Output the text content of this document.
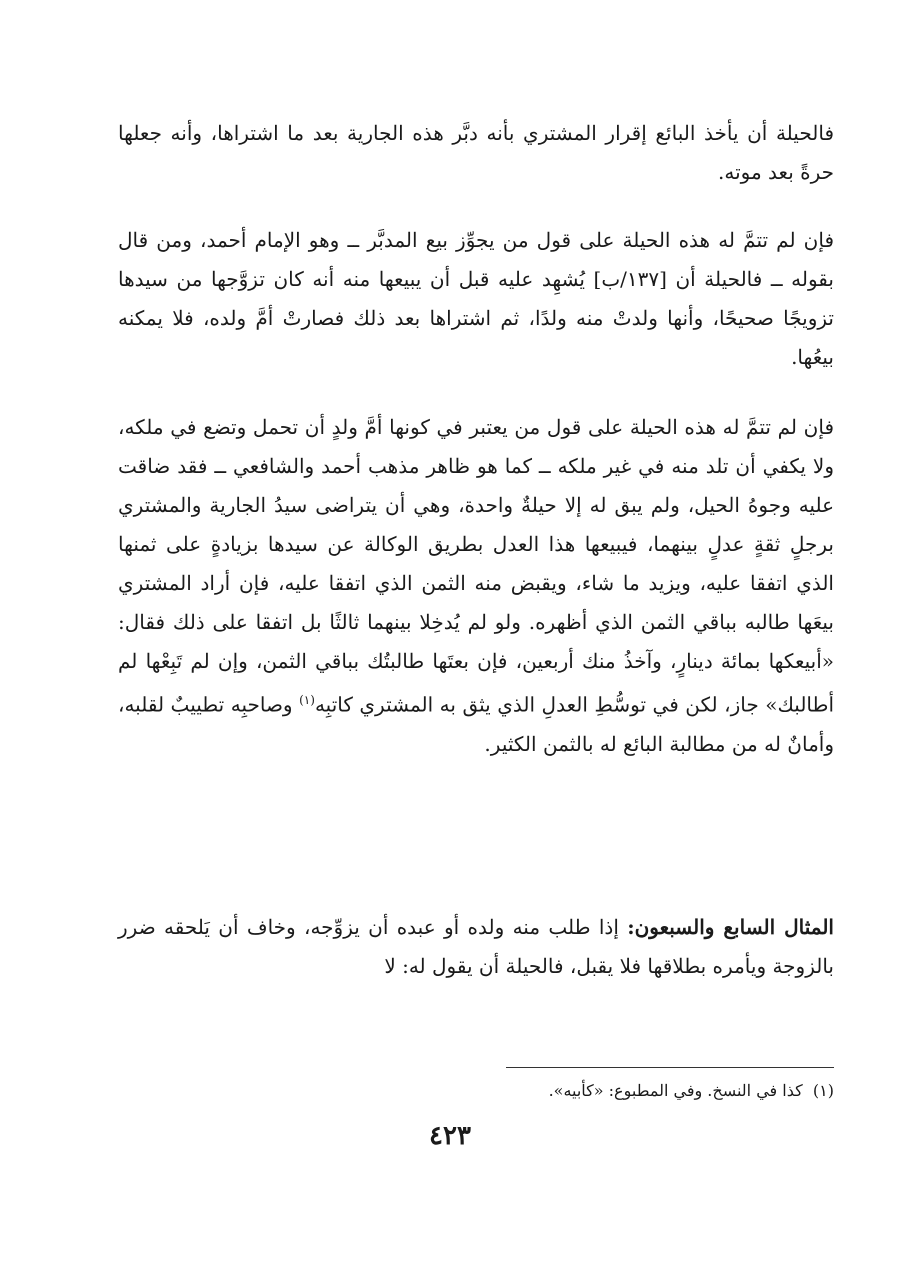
فالحيلة أن يأخذ البائع إقرار المشتري بأنه دبَّر هذه الجارية بعد ما اشتراها، وأنه جعلها حرةً بعد موته.

فإن لم تتمَّ له هذه الحيلة على قول من يجوِّز بيع المدبَّر ــ وهو الإمام أحمد، ومن قال بقوله ــ فالحيلة أن [١٣٧/ب] يُشهِد عليه قبل أن يبيعها منه أنه كان تزوَّجها من سيدها تزويجًا صحيحًا، وأنها ولدتْ منه ولدًا، ثم اشتراها بعد ذلك فصارتْ أمَّ ولده، فلا يمكنه بيعُها.

فإن لم تتمَّ له هذه الحيلة على قول من يعتبر في كونها أمَّ ولدٍ أن تحمل وتضع في ملكه، ولا يكفي أن تلد منه في غير ملكه ــ كما هو ظاهر مذهب أحمد والشافعي ــ فقد ضاقت عليه وجوهُ الحيل، ولم يبق له إلا حيلةٌ واحدة، وهي أن يتراضى سيدُ الجارية والمشتري برجلٍ ثقةٍ عدلٍ بينهما، فيبيعها هذا العدل بطريق الوكالة عن سيدها بزيادةٍ على ثمنها الذي اتفقا عليه، ويزيد ما شاء، ويقبض منه الثمن الذي اتفقا عليه، فإن أراد المشتري بيعَها طالبه بباقي الثمن الذي أظهره. ولو لم يُدخِلا بينهما ثالثًا بل اتفقا على ذلك فقال: «أبيعكها بمائة دينارٍ، وآخذُ منك أربعين، فإن بعتَها طالبتُك بباقي الثمن، وإن لم تَبِعْها لم أطالبك» جاز، لكن في توسُّطِ العدلِ الذي يثق به المشتري كاتبِه$^{(١)}$ وصاحبِه تطييبٌ لقلبه، وأمانٌ له من مطالبة البائع له بالثمن الكثير.

المثال السابع والسبعون: إذا طلب منه ولده أو عبده أن يزوِّجه، وخاف أن يَلحقه ضرر بالزوجة ويأمره بطلاقها فلا يقبل، فالحيلة أن يقول له: لا

(١)  كذا في النسخ. وفي المطبوع: «كأبيه».
٤٢٣
